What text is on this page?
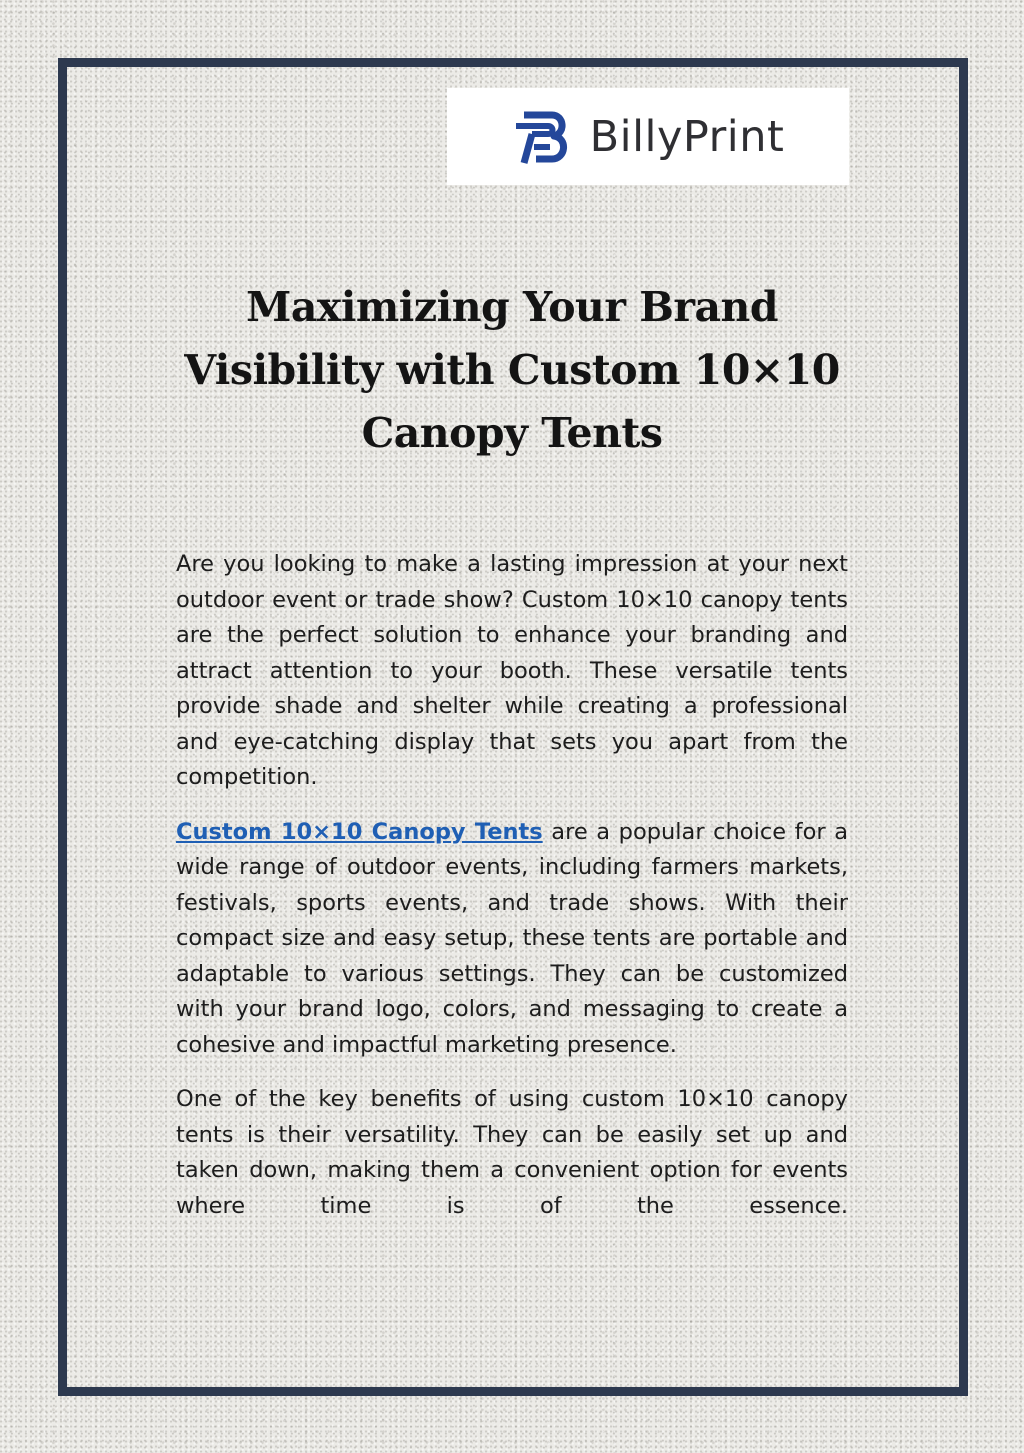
BillyPrint
Maximizing Your Brand Visibility with Custom 10×10 Canopy Tents

Are you looking to make a lasting impression at your next outdoor event or trade show? Custom 10×10 canopy tents are the perfect solution to enhance your branding and attract attention to your booth. These versatile tents provide shade and shelter while creating a professional and eye-catching display that sets you apart from the competition.

Custom 10×10 Canopy Tents are a popular choice for a wide range of outdoor events, including farmers markets, festivals, sports events, and trade shows. With their compact size and easy setup, these tents are portable and adaptable to various settings. They can be customized with your brand logo, colors, and messaging to create a cohesive and impactful marketing presence.

One of the key benefits of using custom 10×10 canopy tents is their versatility. They can be easily set up and taken down, making them a convenient option for events where time is of the essence.
